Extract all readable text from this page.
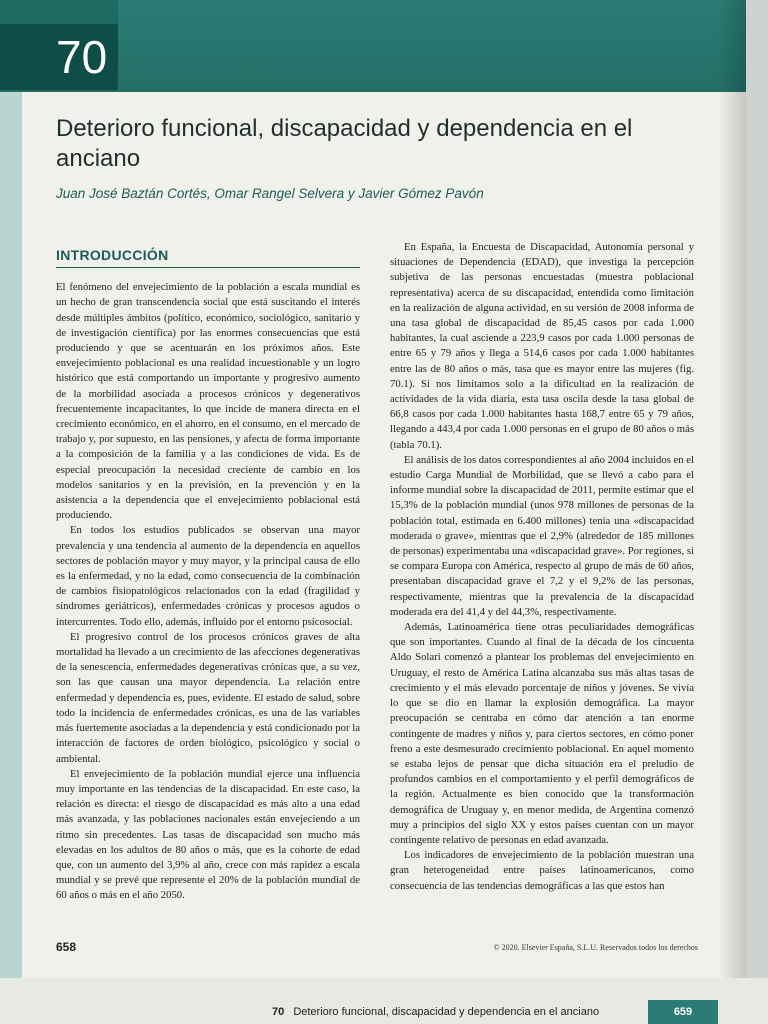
70
Deterioro funcional, discapacidad y dependencia en el anciano

Juan José Baztán Cortés, Omar Rangel Selvera y Javier Gómez Pavón

INTRODUCCIÓN

El fenómeno del envejecimiento de la población a escala mundial es un hecho de gran transcendencia social que está suscitando el interés desde múltiples ámbitos (político, económico, sociológico, sanitario y de investigación científica) por las enormes consecuencias que está produciendo y que se acentuarán en los próximos años. Este envejecimiento poblacional es una realidad incuestionable y un logro histórico que está comportando un importante y progresivo aumento de la morbilidad asociada a procesos crónicos y degenerativos frecuentemente incapacitantes, lo que incide de manera directa en el crecimiento económico, en el ahorro, en el consumo, en el mercado de trabajo y, por supuesto, en las pensiones, y afecta de forma importante a la composición de la familia y a las condiciones de vida. Es de especial preocupación la necesidad creciente de cambio en los modelos sanitarios y en la previsión, en la prevención y en la asistencia a la dependencia que el envejecimiento poblacional está produciendo.

En todos los estudios publicados se observan una mayor prevalencia y una tendencia al aumento de la dependencia en aquellos sectores de población mayor y muy mayor, y la principal causa de ello es la enfermedad, y no la edad, como consecuencia de la combinación de cambios fisiopatológicos relacionados con la edad (fragilidad y síndromes geriátricos), enfermedades crónicas y procesos agudos o intercurrentes. Todo ello, además, influido por el entorno psicosocial.

El progresivo control de los procesos crónicos graves de alta mortalidad ha llevado a un crecimiento de las afecciones degenerativas de la senescencia, enfermedades degenerativas crónicas que, a su vez, son las que causan una mayor dependencia. La relación entre enfermedad y dependencia es, pues, evidente. El estado de salud, sobre todo la incidencia de enfermedades crónicas, es una de las variables más fuertemente asociadas a la dependencia y está condicionado por la interacción de factores de orden biológico, psicológico y social o ambiental.

El envejecimiento de la población mundial ejerce una influencia muy importante en las tendencias de la discapacidad. En este caso, la relación es directa: el riesgo de discapacidad es más alto a una edad más avanzada, y las poblaciones nacionales están envejeciendo a un ritmo sin precedentes. Las tasas de discapacidad son mucho más elevadas en los adultos de 80 años o más, que es la cohorte de edad que, con un aumento del 3,9% al año, crece con más rapidez a escala mundial y se prevé que represente el 20% de la población mundial de 60 años o más en el año 2050.

En España, la Encuesta de Discapacidad, Autonomía personal y situaciones de Dependencia (EDAD), que investiga la percepción subjetiva de las personas encuestadas (muestra poblacional representativa) acerca de su discapacidad, entendida como limitación en la realización de alguna actividad, en su versión de 2008 informa de una tasa global de discapacidad de 85,45 casos por cada 1.000 habitantes, la cual asciende a 223,9 casos por cada 1.000 personas de entre 65 y 79 años y llega a 514,6 casos por cada 1.000 habitantes entre las de 80 años o más, tasa que es mayor entre las mujeres (fig. 70.1). Si nos limitamos solo a la dificultad en la realización de actividades de la vida diaria, esta tasa oscila desde la tasa global de 66,8 casos por cada 1.000 habitantes hasta 168,7 entre 65 y 79 años, llegando a 443,4 por cada 1.000 personas en el grupo de 80 años o más (tabla 70.1).

El análisis de los datos correspondientes al año 2004 incluidos en el estudio Carga Mundial de Morbilidad, que se llevó a cabo para el informe mundial sobre la discapacidad de 2011, permite estimar que el 15,3% de la población mundial (unos 978 millones de personas de la población total, estimada en 6.400 millones) tenía una «discapacidad moderada o grave», mientras que el 2,9% (alrededor de 185 millones de personas) experimentaba una «discapacidad grave». Por regiones, si se compara Europa con América, respecto al grupo de más de 60 años, presentaban discapacidad grave el 7,2 y el 9,2% de las personas, respectivamente, mientras que la prevalencia de la discapacidad moderada era del 41,4 y del 44,3%, respectivamente.

Además, Latinoamérica tiene otras peculiaridades demográficas que son importantes. Cuando al final de la década de los cincuenta Aldo Solari comenzó a plantear los problemas del envejecimiento en Uruguay, el resto de América Latina alcanzaba sus más altas tasas de crecimiento y el más elevado porcentaje de niños y jóvenes. Se vivía lo que se dio en llamar la explosión demográfica. La mayor preocupación se centraba en cómo dar atención a tan enorme contingente de madres y niños y, para ciertos sectores, en cómo poner freno a este desmesurado crecimiento poblacional. En aquel momento se estaba lejos de pensar que dicha situación era el preludio de profundos cambios en el comportamiento y el perfil demográficos de la región. Actualmente es bien conocido que la transformación demográfica de Uruguay y, en menor medida, de Argentina comenzó muy a principios del siglo XX y estos países cuentan con un mayor contingente relativo de personas en edad avanzada.

Los indicadores de envejecimiento de la población muestran una gran heterogeneidad entre países latinoamericanos, como consecuencia de las tendencias demográficas a las que estos han

658	© 2020. Elsevier España, S.L.U. Reservados todos los derechos
70 Deterioro funcional, discapacidad y dependencia en el anciano	659
